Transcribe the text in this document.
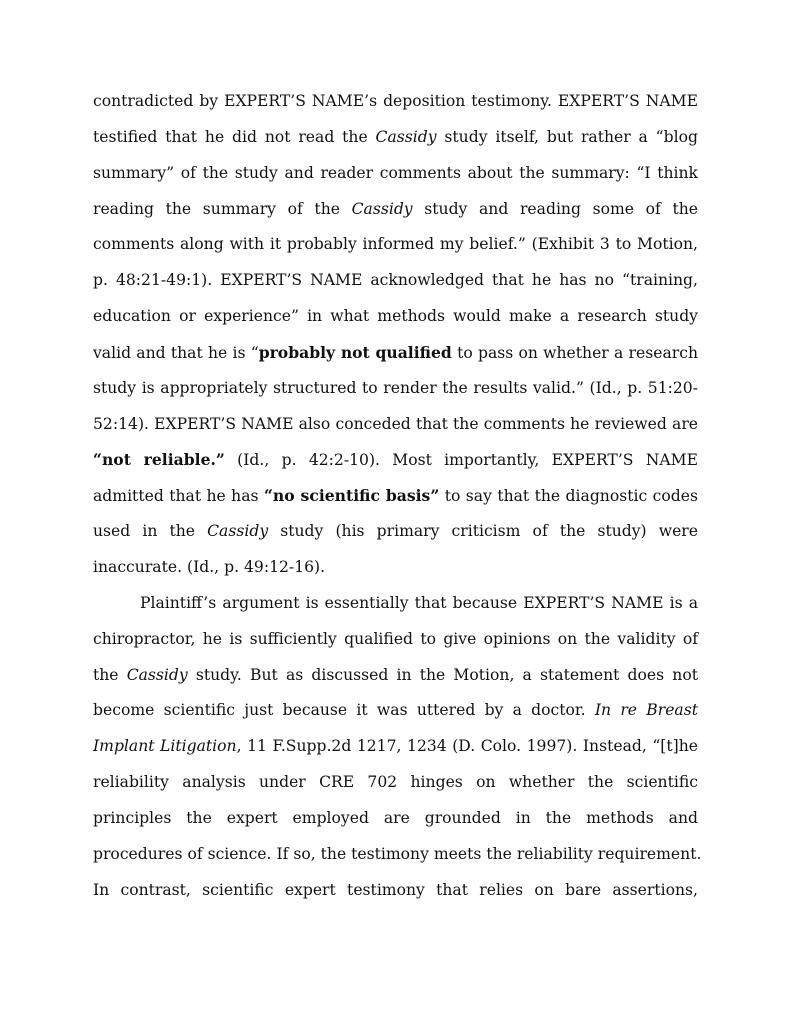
contradicted by EXPERT’S NAME’s deposition testimony. EXPERT’S NAME
testified that he did not read the Cassidy study itself, but rather a “blog
summary” of the study and reader comments about the summary: “I think
reading the summary of the Cassidy study and reading some of the
comments along with it probably informed my belief.” (Exhibit 3 to Motion,
p. 48:21-49:1). EXPERT’S NAME acknowledged that he has no “training,
education or experience” in what methods would make a research study
valid and that he is “probably not qualified to pass on whether a research
study is appropriately structured to render the results valid.” (Id., p. 51:20-
52:14). EXPERT’S NAME also conceded that the comments he reviewed are
“not reliable.” (Id., p. 42:2-10). Most importantly, EXPERT’S NAME
admitted that he has “no scientific basis” to say that the diagnostic codes
used in the Cassidy study (his primary criticism of the study) were
inaccurate. (Id., p. 49:12-16).
Plaintiff’s argument is essentially that because EXPERT’S NAME is a
chiropractor, he is sufficiently qualified to give opinions on the validity of
the Cassidy study. But as discussed in the Motion, a statement does not
become scientific just because it was uttered by a doctor. In re Breast
Implant Litigation, 11 F.Supp.2d 1217, 1234 (D. Colo. 1997). Instead, “[t]he
reliability analysis under CRE 702 hinges on whether the scientific
principles the expert employed are grounded in the methods and
procedures of science. If so, the testimony meets the reliability requirement.
In contrast, scientific expert testimony that relies on bare assertions,
